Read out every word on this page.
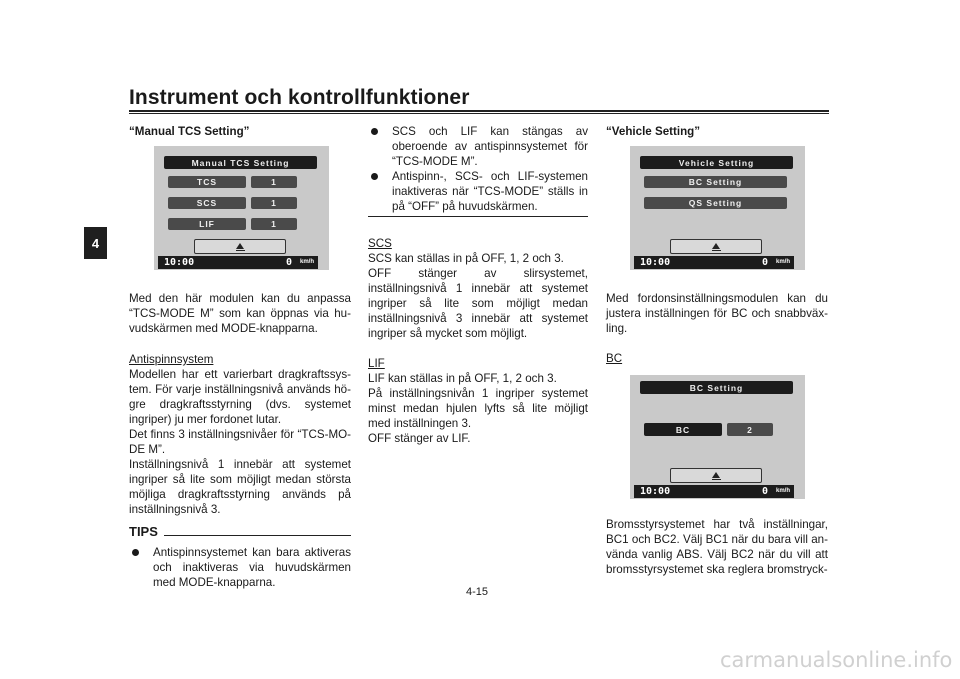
Instrument och kontrollfunktioner
4

“Manual TCS Setting”

Manual TCS Setting
TCS	1
SCS	1
LIF	1
10:00	0 km/h

Med den här modulen kan du anpassa “TCS-MODE M” som kan öppnas via huvudskärmen med MODE-knapparna.

Antispinnsystem

Modellen har ett varierbart dragkraftssystem. För varje inställningsnivå används högre dragkraftsstyrning (dvs. systemet ingriper) ju mer fordonet lutar.

Det finns 3 inställningsnivåer för “TCS-MODE M”.

Inställningsnivå 1 innebär att systemet ingriper så lite som möjligt medan största möjliga dragkraftsstyrning används på inställningsnivå 3.

TIPS

Antispinnsystemet kan bara aktiveras och inaktiveras via huvudskärmen med MODE-knapparna.

SCS och LIF kan stängas av oberoende av antispinnsystemet för “TCS-MODE M”.

Antispinn-, SCS- och LIF-systemen inaktiveras när “TCS-MODE” ställs in på “OFF” på huvudskärmen.

SCS

SCS kan ställas in på OFF, 1, 2 och 3.

OFF stänger av slirsystemet, inställningsnivå 1 innebär att systemet ingriper så lite som möjligt medan inställningsnivå 3 innebär att systemet ingriper så mycket som möjligt.

LIF

LIF kan ställas in på OFF, 1, 2 och 3.

På inställningsnivån 1 ingriper systemet minst medan hjulen lyfts så lite möjligt med inställningen 3.

OFF stänger av LIF.

“Vehicle Setting”

Vehicle Setting
BC Setting
QS Setting
10:00	0 km/h

Med fordonsinställningsmodulen kan du justera inställningen för BC och snabbväxling.

BC

BC Setting
BC	2
10:00	0 km/h

Bromsstyrsystemet har två inställningar, BC1 och BC2. Välj BC1 när du bara vill använda vanlig ABS. Välj BC2 när du vill att bromsstyrsystemet ska reglera bromstryck-

4-15
carmanualsonline.info
